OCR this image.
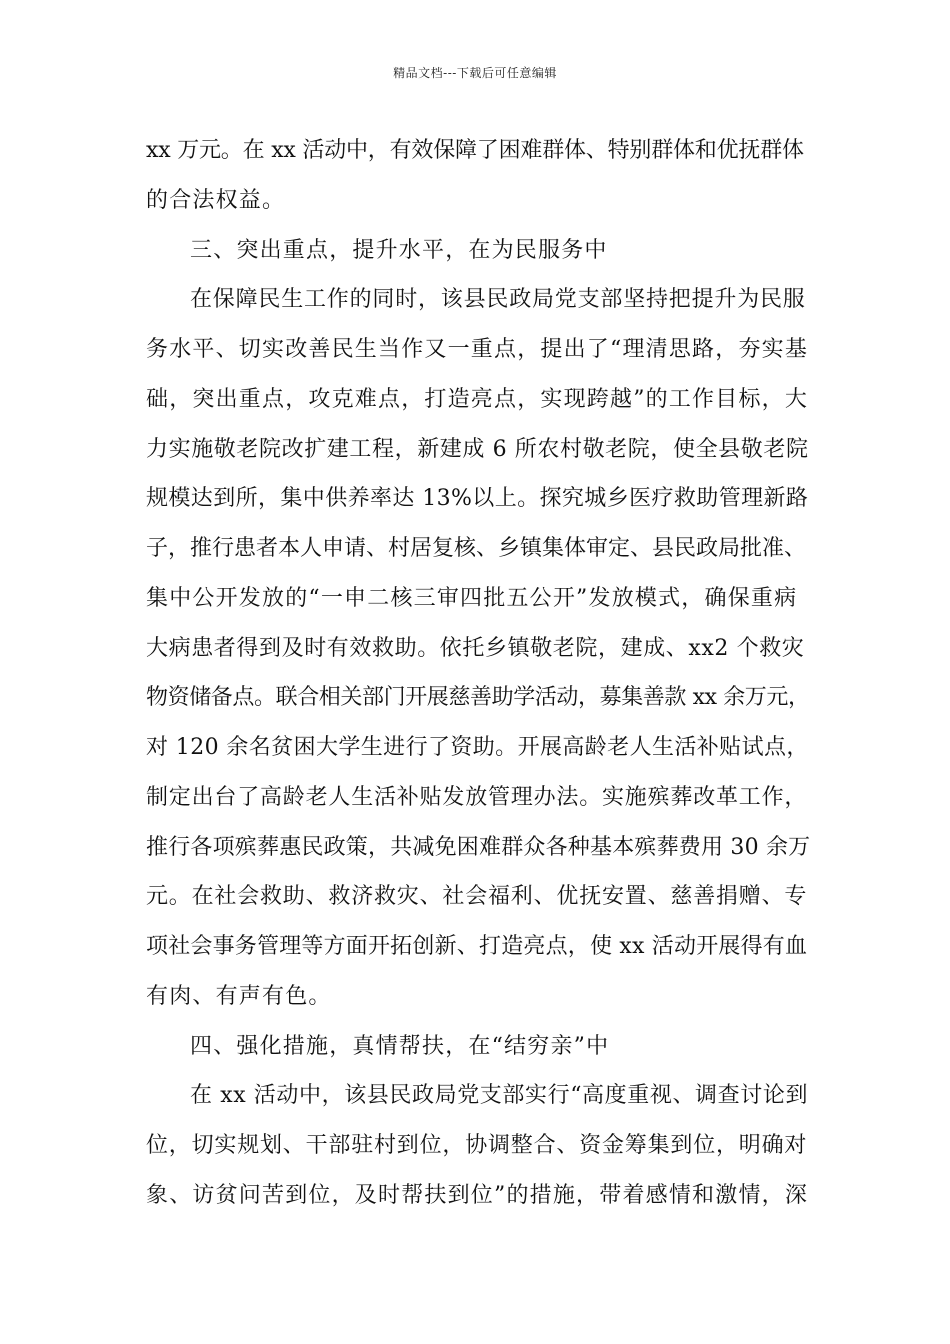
精品文档---下载后可任意编辑
xx 万元。在 xx 活动中，有效保障了困难群体、特别群体和优抚群体
的合法权益。
三、突出重点，提升水平，在为民服务中
在保障民生工作的同时，该县民政局党支部坚持把提升为民服
务水平、切实改善民生当作又一重点，提出了“理清思路，夯实基
础，突出重点，攻克难点，打造亮点，实现跨越”的工作目标，大
力实施敬老院改扩建工程，新建成 6 所农村敬老院，使全县敬老院
规模达到所，集中供养率达 13%以上。探究城乡医疗救助管理新路
子，推行患者本人申请、村居复核、乡镇集体审定、县民政局批准、
集中公开发放的“一申二核三审四批五公开”发放模式，确保重病
大病患者得到及时有效救助。依托乡镇敬老院，建成、xx2 个救灾
物资储备点。联合相关部门开展慈善助学活动，募集善款 xx 余万元，
对 120 余名贫困大学生进行了资助。开展高龄老人生活补贴试点，
制定出台了高龄老人生活补贴发放管理办法。实施殡葬改革工作，
推行各项殡葬惠民政策，共减免困难群众各种基本殡葬费用 30 余万
元。在社会救助、救济救灾、社会福利、优抚安置、慈善捐赠、专
项社会事务管理等方面开拓创新、打造亮点，使 xx 活动开展得有血
有肉、有声有色。
四、强化措施，真情帮扶，在“结穷亲”中
在 xx 活动中，该县民政局党支部实行“高度重视、调查讨论到
位，切实规划、干部驻村到位，协调整合、资金筹集到位，明确对
象、访贫问苦到位，及时帮扶到位”的措施，带着感情和激情，深
